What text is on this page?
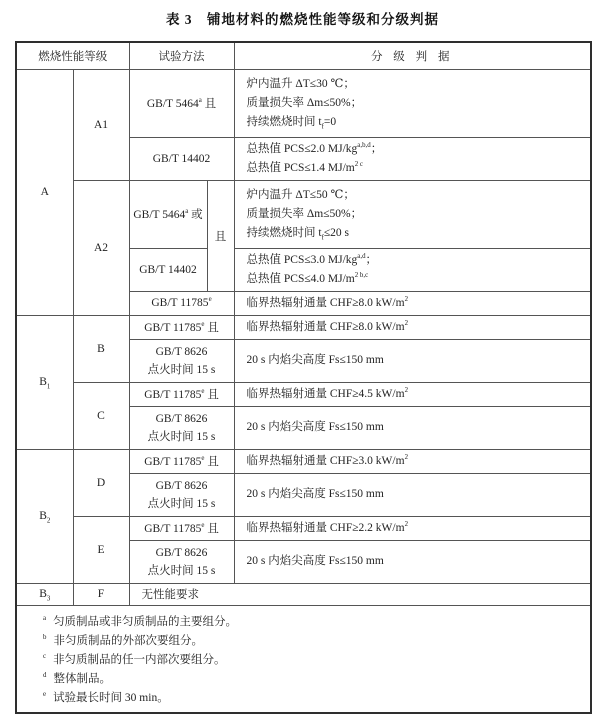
表 3　铺地材料的燃烧性能等级和分级判据
燃烧性能等级		试验方法		分 级 判 据
A	A1	GB/T 5464$^a$ 且		炉内温升 ΔT≤30 ℃；
质量损失率 Δm≤50%；
持续燃烧时间 $t_f=0$

		GB/T 14402		总热值 PCS≤2.0 MJ/kg$^{a,b,d}$；
总热值 PCS≤1.4 $MJ/m^{2 c}$

	A2	GB/T 5464$^a$ 或	且	炉内温升 ΔT≤50 ℃；
质量损失率 Δm≤50%；
持续燃烧时间 $t_f\le 20$ s

		GB/T 14402		总热值 PCS≤3.0 MJ/kg$^{a,d}$；
总热值 PCS≤4.0 $MJ/m^{2 b,c}$

		GB/T 11785e		临界热辐射通量 CHF≥8.0 $kW/m^2$

$B_1$	B	GB/T 11785e 且		临界热辐射通量 CHF≥8.0 $kW/m^2$

		GB/T 8626
点火时间 15 s		20 s 内焰尖高度 Fs≤150 mm

	C	GB/T 11785e 且		临界热辐射通量 CHF≥4.5 $kW/m^2$

		GB/T 8626
点火时间 15 s		20 s 内焰尖高度 Fs≤150 mm

$B_2$	D	GB/T 11785e 且		临界热辐射通量 CHF≥3.0 $kW/m^2$

		GB/T 8626
点火时间 15 s		20 s 内焰尖高度 Fs≤150 mm

	E	GB/T 11785e 且		临界热辐射通量 CHF≥2.2 $kW/m^2$

		GB/T 8626
点火时间 15 s		20 s 内焰尖高度 Fs≤150 mm

$B_3$	F	无性能要求		

$^a$ 匀质制品或非匀质制品的主要组分。
$^b$ 非匀质制品的外部次要组分。
$^c$ 非匀质制品的任一内部次要组分。
$^d$ 整体制品。
$^e$ 试验最长时间 30 min。				
